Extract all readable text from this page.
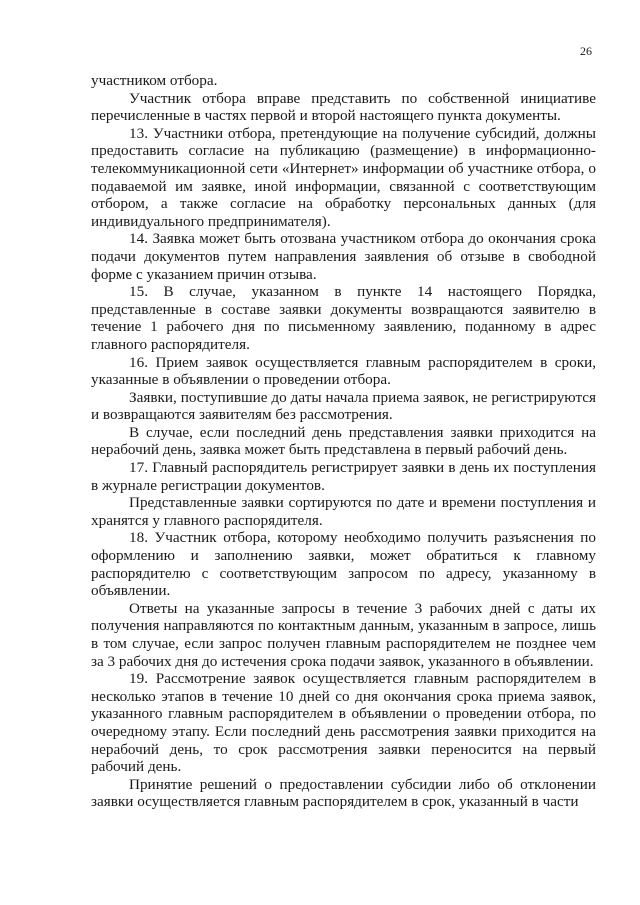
26

участником отбора.

Участник отбора вправе представить по собственной инициативе перечисленные в частях первой и второй настоящего пункта документы.

13. Участники отбора, претендующие на получение субсидий, должны предоставить согласие на публикацию (размещение) в информационно-телекоммуникационной сети «Интернет» информации об участнике отбора, о подаваемой им заявке, иной информации, связанной с соответствующим отбором, а также согласие на обработку персональных данных (для индивидуального предпринимателя).

14. Заявка может быть отозвана участником отбора до окончания срока подачи документов путем направления заявления об отзыве в свободной форме с указанием причин отзыва.

15. В случае, указанном в пункте 14 настоящего Порядка, представленные в составе заявки документы возвращаются заявителю в течение 1 рабочего дня по письменному заявлению, поданному в адрес главного распорядителя.

16. Прием заявок осуществляется главным распорядителем в сроки, указанные в объявлении о проведении отбора.

Заявки, поступившие до даты начала приема заявок, не регистрируются и возвращаются заявителям без рассмотрения.

В случае, если последний день представления заявки приходится на нерабочий день, заявка может быть представлена в первый рабочий день.

17. Главный распорядитель регистрирует заявки в день их поступления в журнале регистрации документов.

Представленные заявки сортируются по дате и времени поступления и хранятся у главного распорядителя.

18. Участник отбора, которому необходимо получить разъяснения по оформлению и заполнению заявки, может обратиться к главному распорядителю с соответствующим запросом по адресу, указанному в объявлении.

Ответы на указанные запросы в течение 3 рабочих дней с даты их получения направляются по контактным данным, указанным в запросе, лишь в том случае, если запрос получен главным распорядителем не позднее чем за 3 рабочих дня до истечения срока подачи заявок, указанного в объявлении.

19. Рассмотрение заявок осуществляется главным распорядителем в несколько этапов в течение 10 дней со дня окончания срока приема заявок, указанного главным распорядителем в объявлении о проведении отбора, по очередному этапу. Если последний день рассмотрения заявки приходится на нерабочий день, то срок рассмотрения заявки переносится на первый рабочий день.

Принятие решений о предоставлении субсидии либо об отклонении заявки осуществляется главным распорядителем в срок, указанный в части
